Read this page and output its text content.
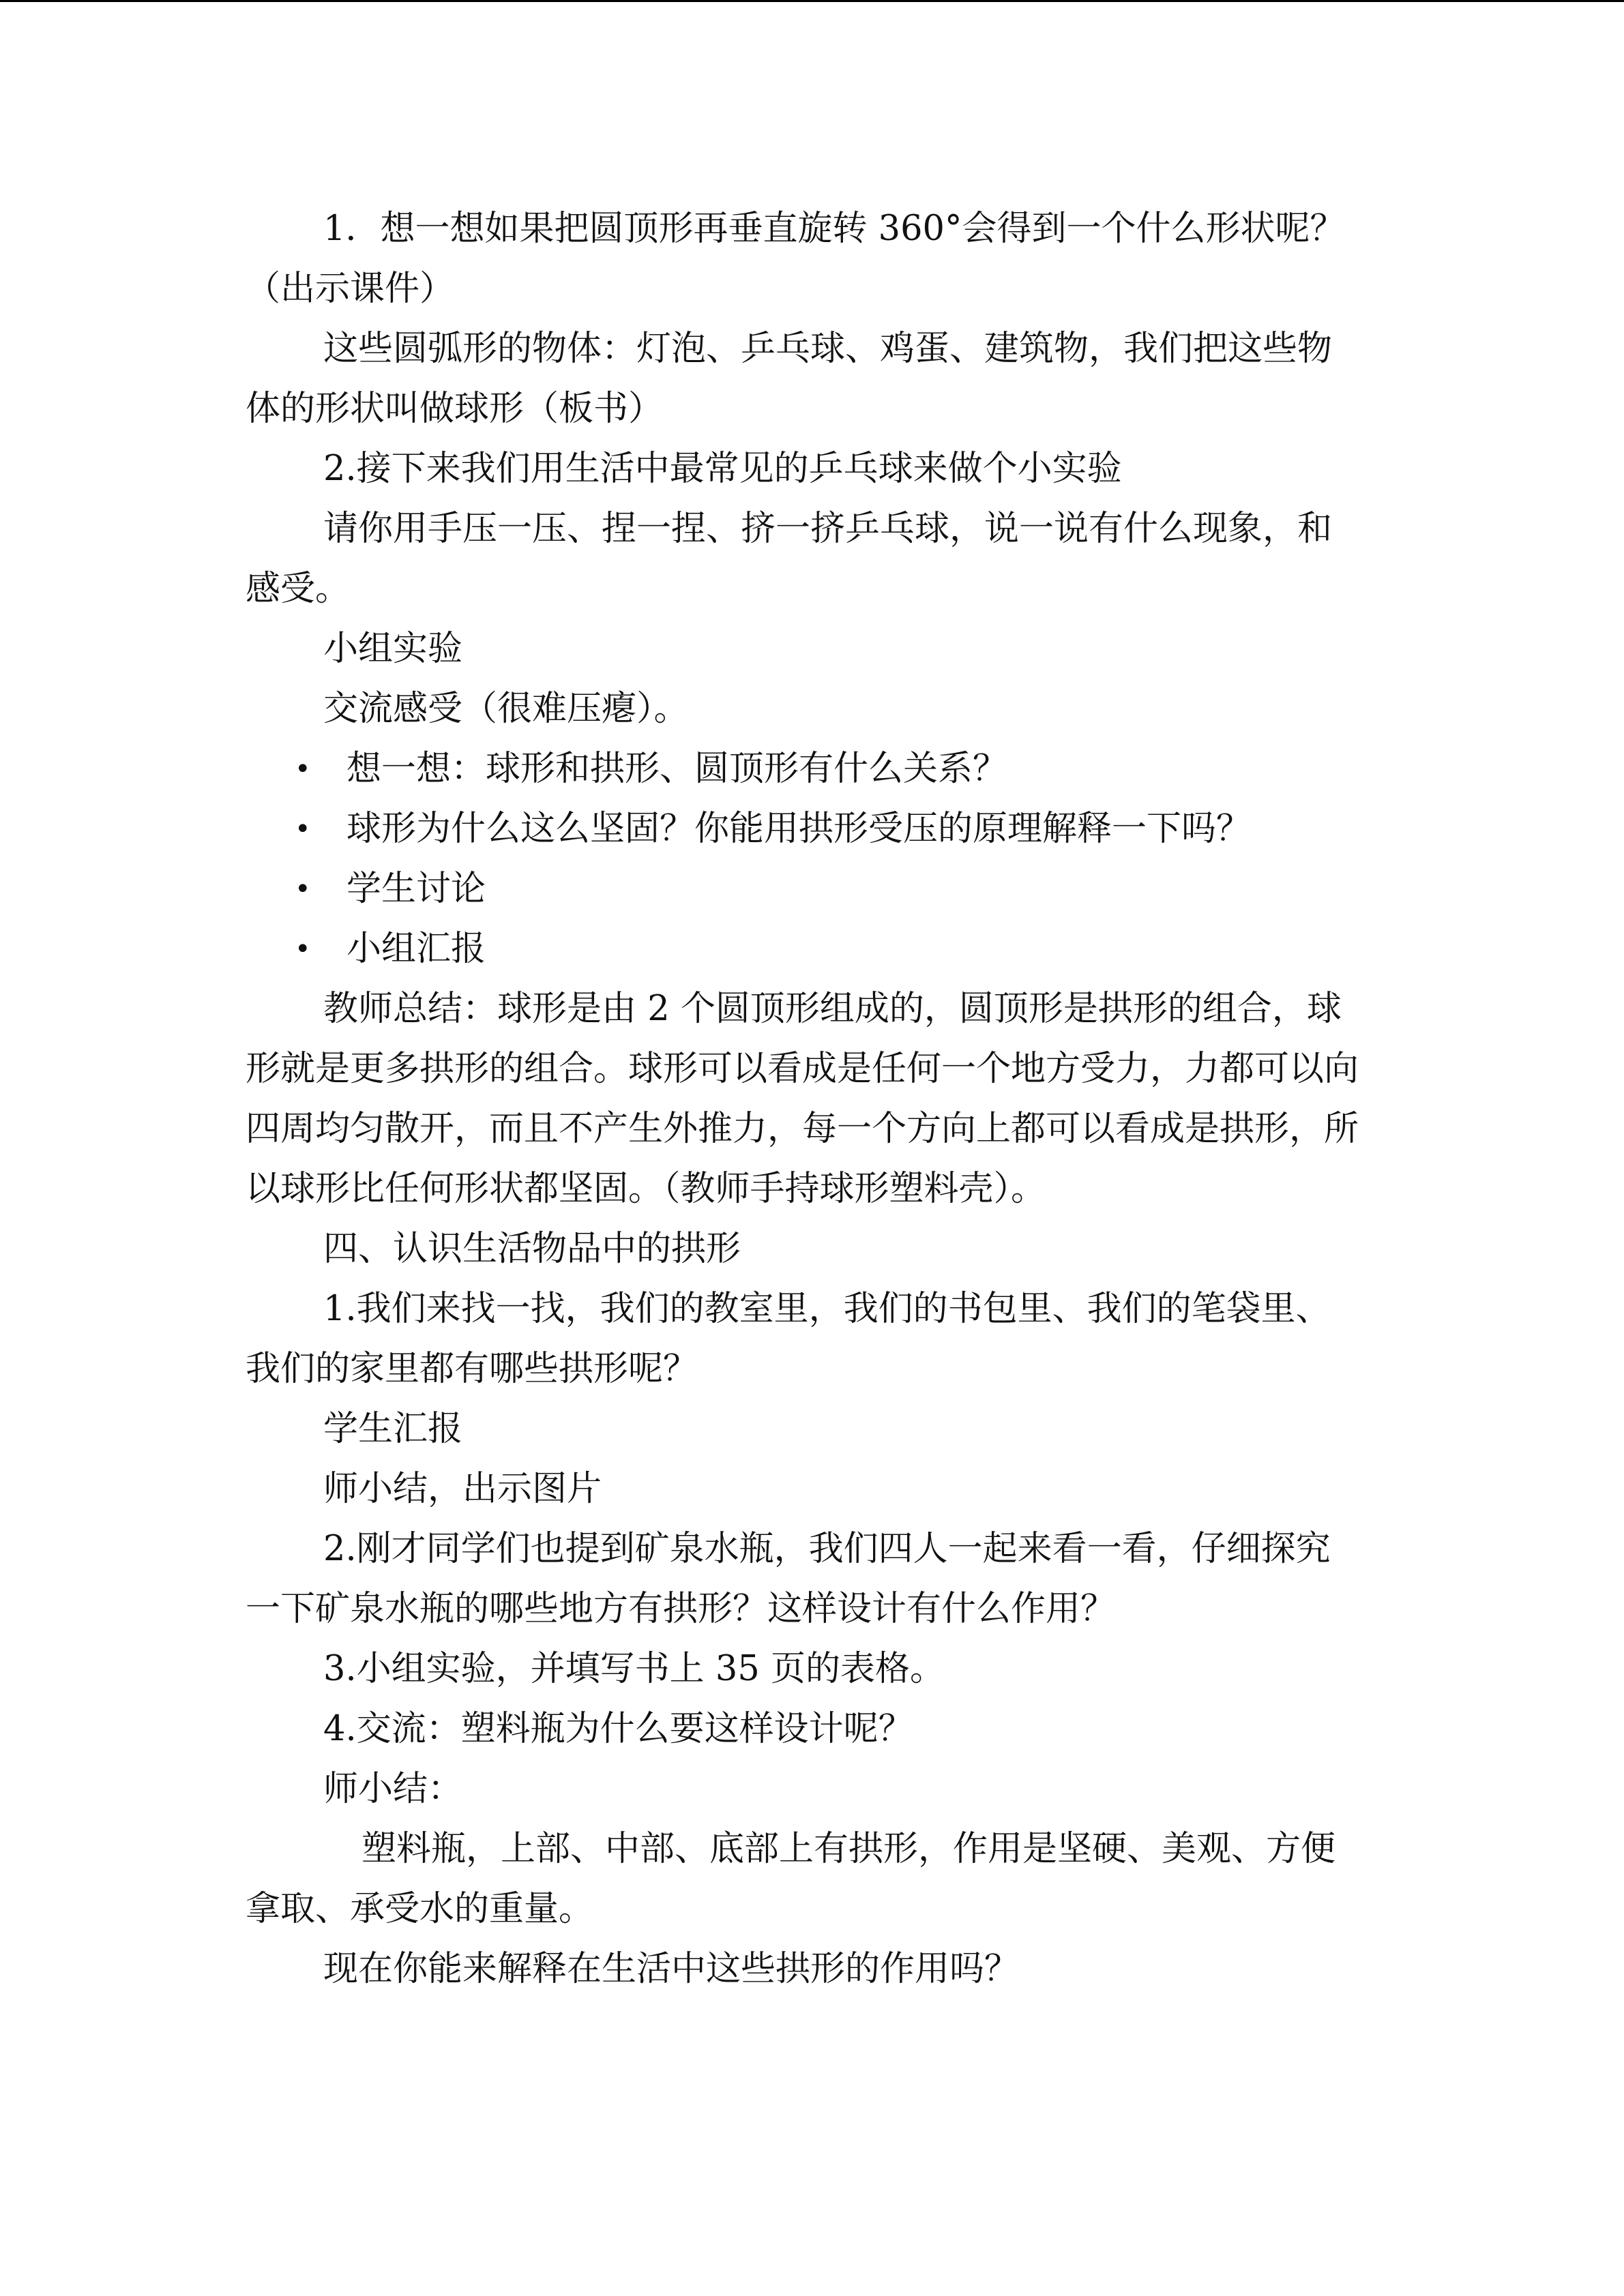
1．想一想如果把圆顶形再垂直旋转 360°会得到一个什么形状呢？（出示课件）

这些圆弧形的物体：灯泡、乒乓球、鸡蛋、建筑物，我们把这些物体的形状叫做球形（板书）

2.接下来我们用生活中最常见的乒乓球来做个小实验

请你用手压一压、捏一捏、挤一挤乒乓球，说一说有什么现象，和感受。

小组实验

交流感受（很难压瘪）。

• 想一想：球形和拱形、圆顶形有什么关系？
• 球形为什么这么坚固？你能用拱形受压的原理解释一下吗？
• 学生讨论
• 小组汇报

教师总结：球形是由 2 个圆顶形组成的，圆顶形是拱形的组合，球形就是更多拱形的组合。球形可以看成是任何一个地方受力，力都可以向四周均匀散开，而且不产生外推力，每一个方向上都可以看成是拱形，所以球形比任何形状都坚固。（教师手持球形塑料壳）。

四、认识生活物品中的拱形

1.我们来找一找，我们的教室里，我们的书包里、我们的笔袋里、我们的家里都有哪些拱形呢？

学生汇报

师小结，出示图片

2.刚才同学们也提到矿泉水瓶，我们四人一起来看一看，仔细探究一下矿泉水瓶的哪些地方有拱形？这样设计有什么作用？

3.小组实验，并填写书上 35 页的表格。

4.交流：塑料瓶为什么要这样设计呢？

师小结：

塑料瓶，上部、中部、底部上有拱形，作用是坚硬、美观、方便拿取、承受水的重量。

现在你能来解释在生活中这些拱形的作用吗？
